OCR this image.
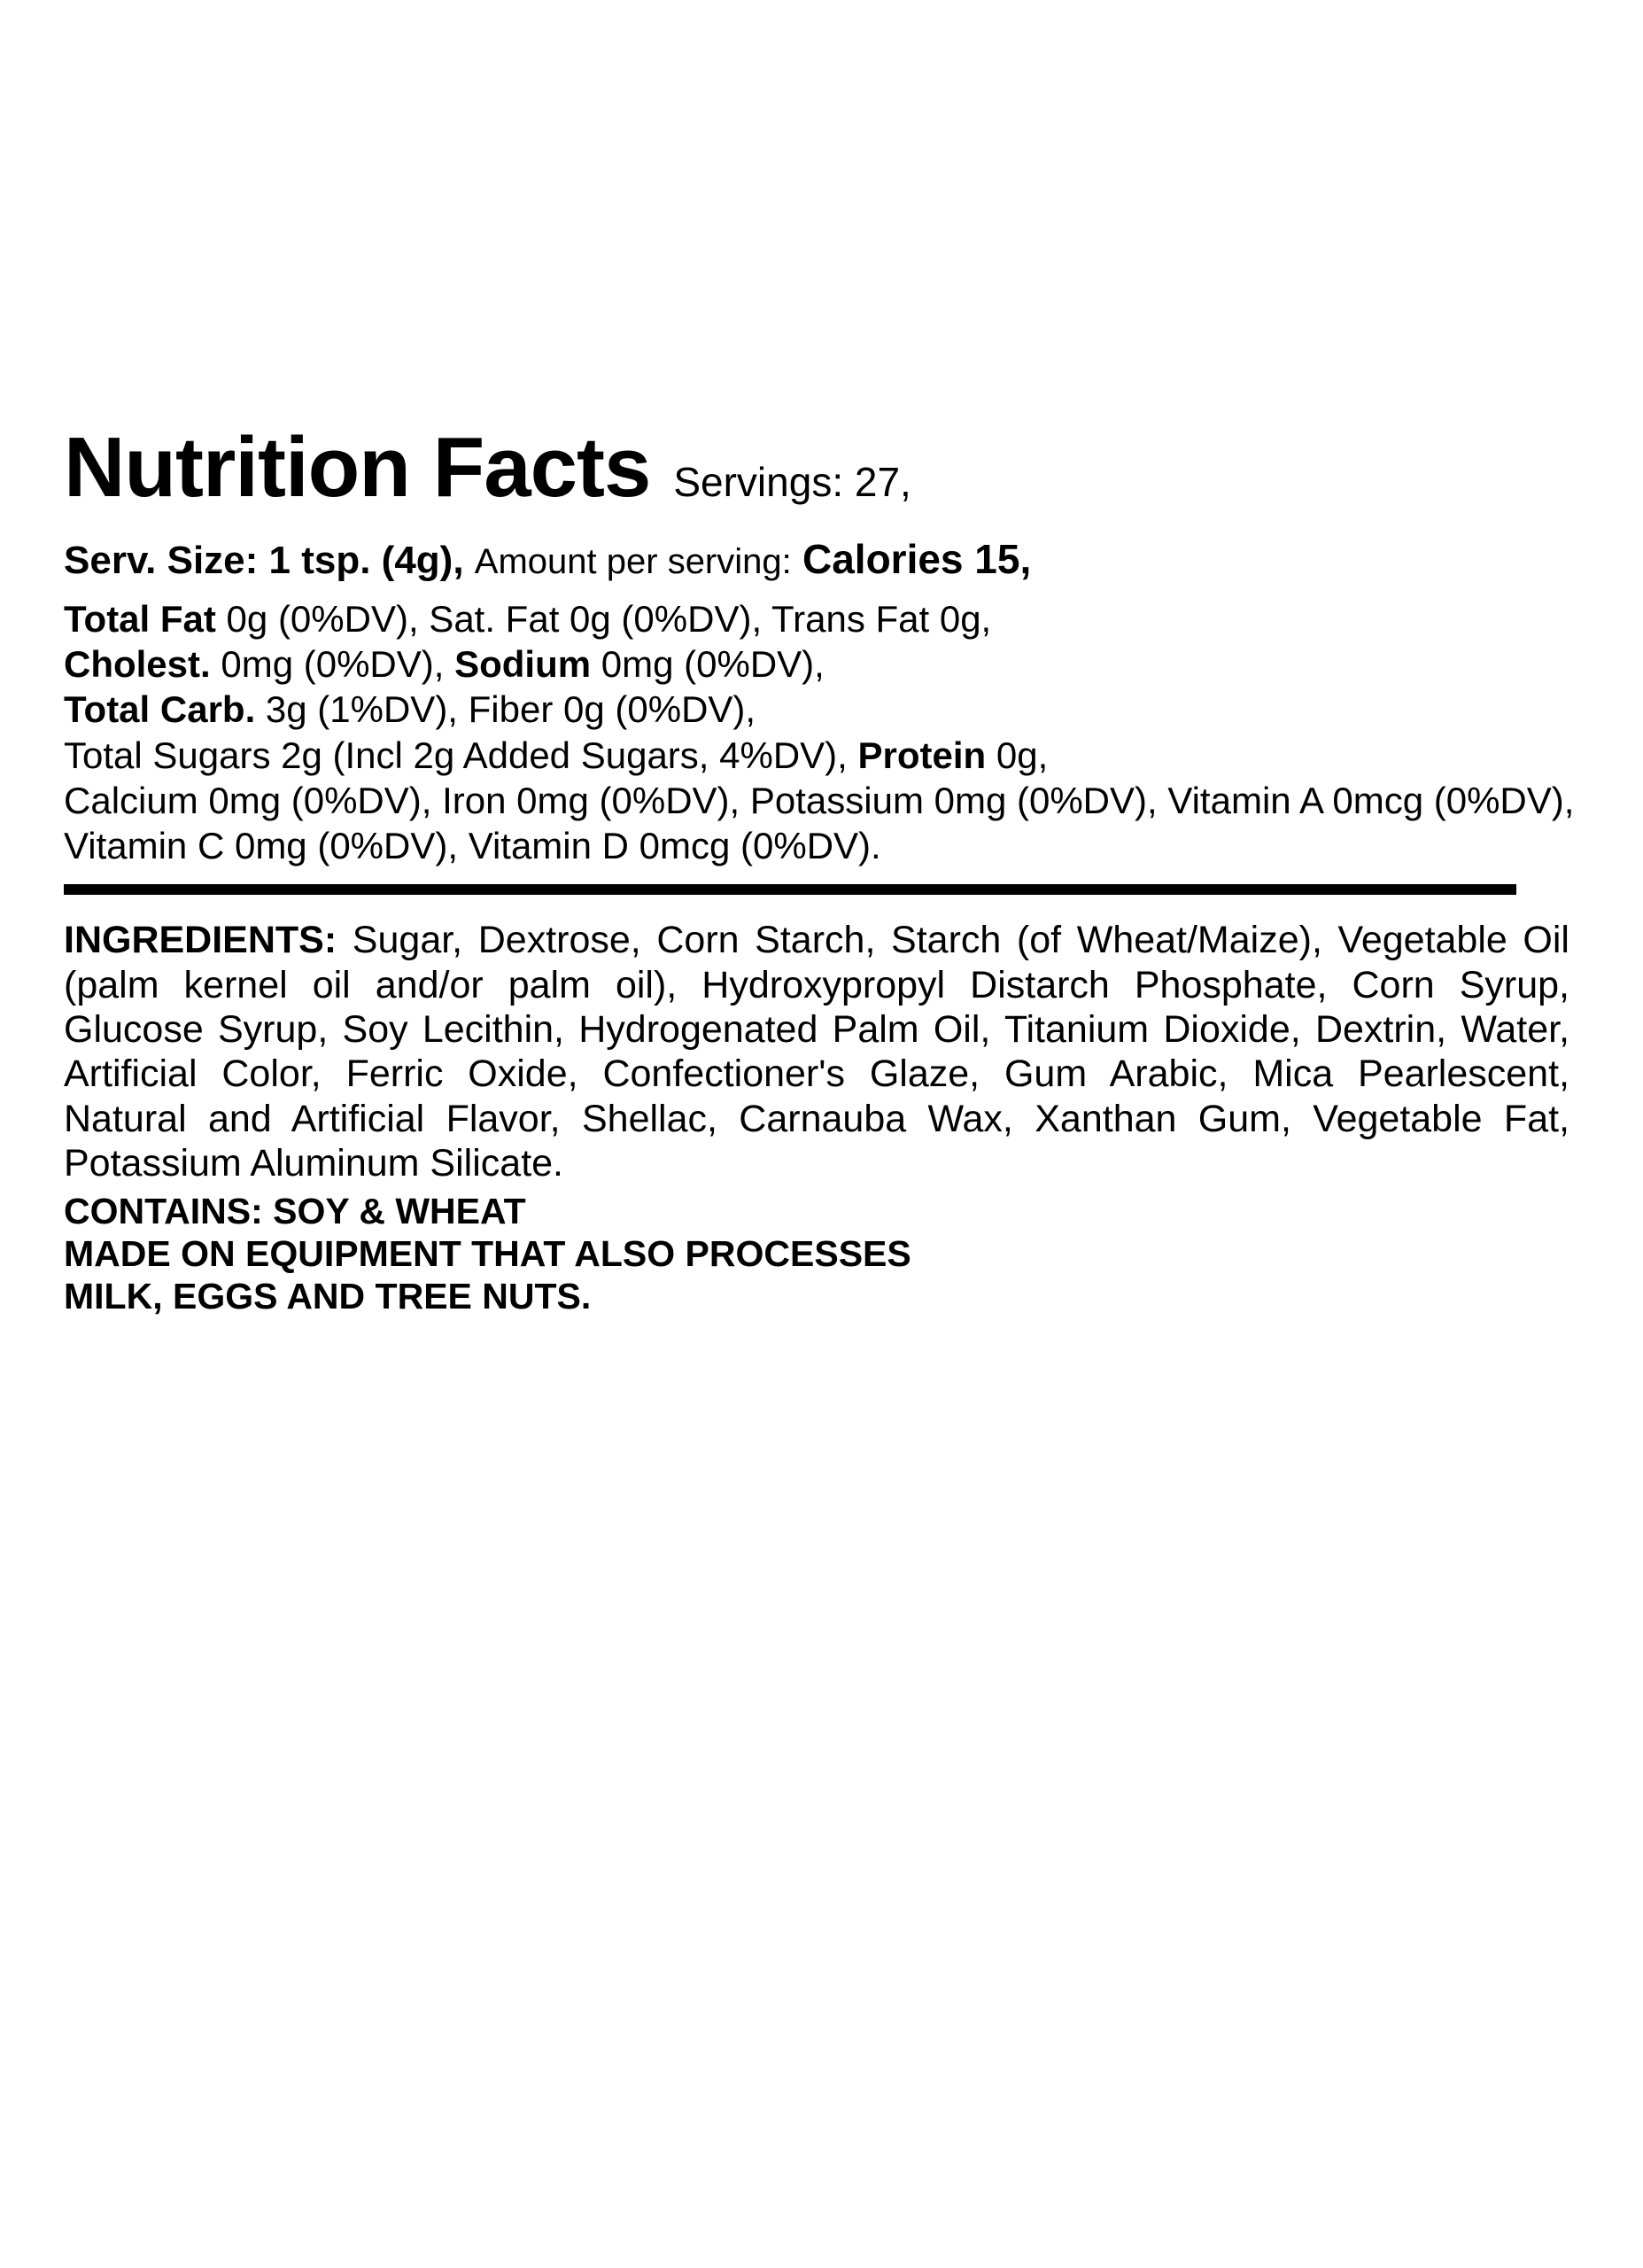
Nutrition Facts Servings: 27,
Serv. Size: 1 tsp. (4g), Amount per serving: Calories 15,
Total Fat 0g (0%DV), Sat. Fat 0g (0%DV), Trans Fat 0g,
Cholest. 0mg (0%DV), Sodium 0mg (0%DV),
Total Carb. 3g (1%DV), Fiber 0g (0%DV),
Total Sugars 2g (Incl 2g Added Sugars, 4%DV), Protein 0g,
Calcium 0mg (0%DV), Iron 0mg (0%DV), Potassium 0mg (0%DV), Vitamin A 0mcg (0%DV), Vitamin C 0mg (0%DV), Vitamin D 0mcg (0%DV).
INGREDIENTS: Sugar, Dextrose, Corn Starch, Starch (of Wheat/Maize), Vegetable Oil (palm kernel oil and/or palm oil), Hydroxypropyl Distarch Phosphate, Corn Syrup, Glucose Syrup, Soy Lecithin, Hydrogenated Palm Oil, Titanium Dioxide, Dextrin, Water, Artificial Color, Ferric Oxide, Confectioner's Glaze, Gum Arabic, Mica Pearlescent, Natural and Artificial Flavor, Shellac, Carnauba Wax, Xanthan Gum, Vegetable Fat, Potassium Aluminum Silicate.
CONTAINS: SOY & WHEAT
MADE ON EQUIPMENT THAT ALSO PROCESSES
MILK, EGGS AND TREE NUTS.
